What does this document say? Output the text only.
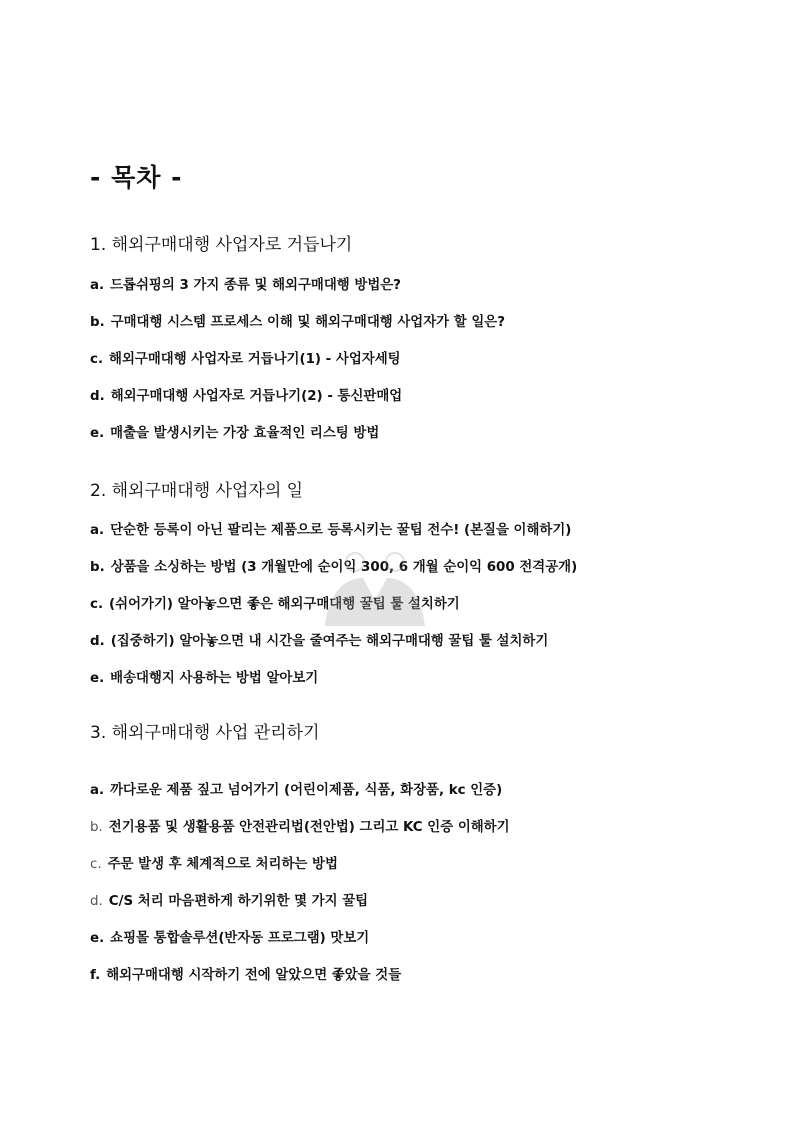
- 목차 -
1. 해외구매대행 사업자로 거듭나기
a. 드롭쉬핑의 3 가지 종류 및 해외구매대행 방법은?
b. 구매대행 시스템 프로세스 이해 및 해외구매대행 사업자가 할 일은?
c. 해외구매대행 사업자로 거듭나기(1) - 사업자세팅
d. 해외구매대행 사업자로 거듭나기(2) - 통신판매업
e. 매출을 발생시키는 가장 효율적인 리스팅 방법
2. 해외구매대행 사업자의 일
a. 단순한 등록이 아닌 팔리는 제품으로 등록시키는 꿀팁 전수! (본질을 이해하기)
b. 상품을 소싱하는 방법 (3 개월만에 순이익 300, 6 개월 순이익 600 전격공개)
c. (쉬어가기) 알아놓으면 좋은 해외구매대행 꿀팁 툴 설치하기
d. (집중하기) 알아놓으면 내 시간을 줄여주는 해외구매대행 꿀팁 툴 설치하기
e. 배송대행지 사용하는 방법 알아보기
3. 해외구매대행 사업 관리하기
a. 까다로운 제품 짚고 넘어가기 (어린이제품, 식품, 화장품, kc 인증)
b. 전기용품 및 생활용품 안전관리법(전안법) 그리고 KC 인증 이해하기
c. 주문 발생 후 체계적으로 처리하는 방법
d. C/S 처리 마음편하게 하기위한 몇 가지 꿀팁
e. 쇼핑몰 통합솔루션(반자동 프로그램) 맛보기
f. 해외구매대행 시작하기 전에 알았으면 좋았을 것들
